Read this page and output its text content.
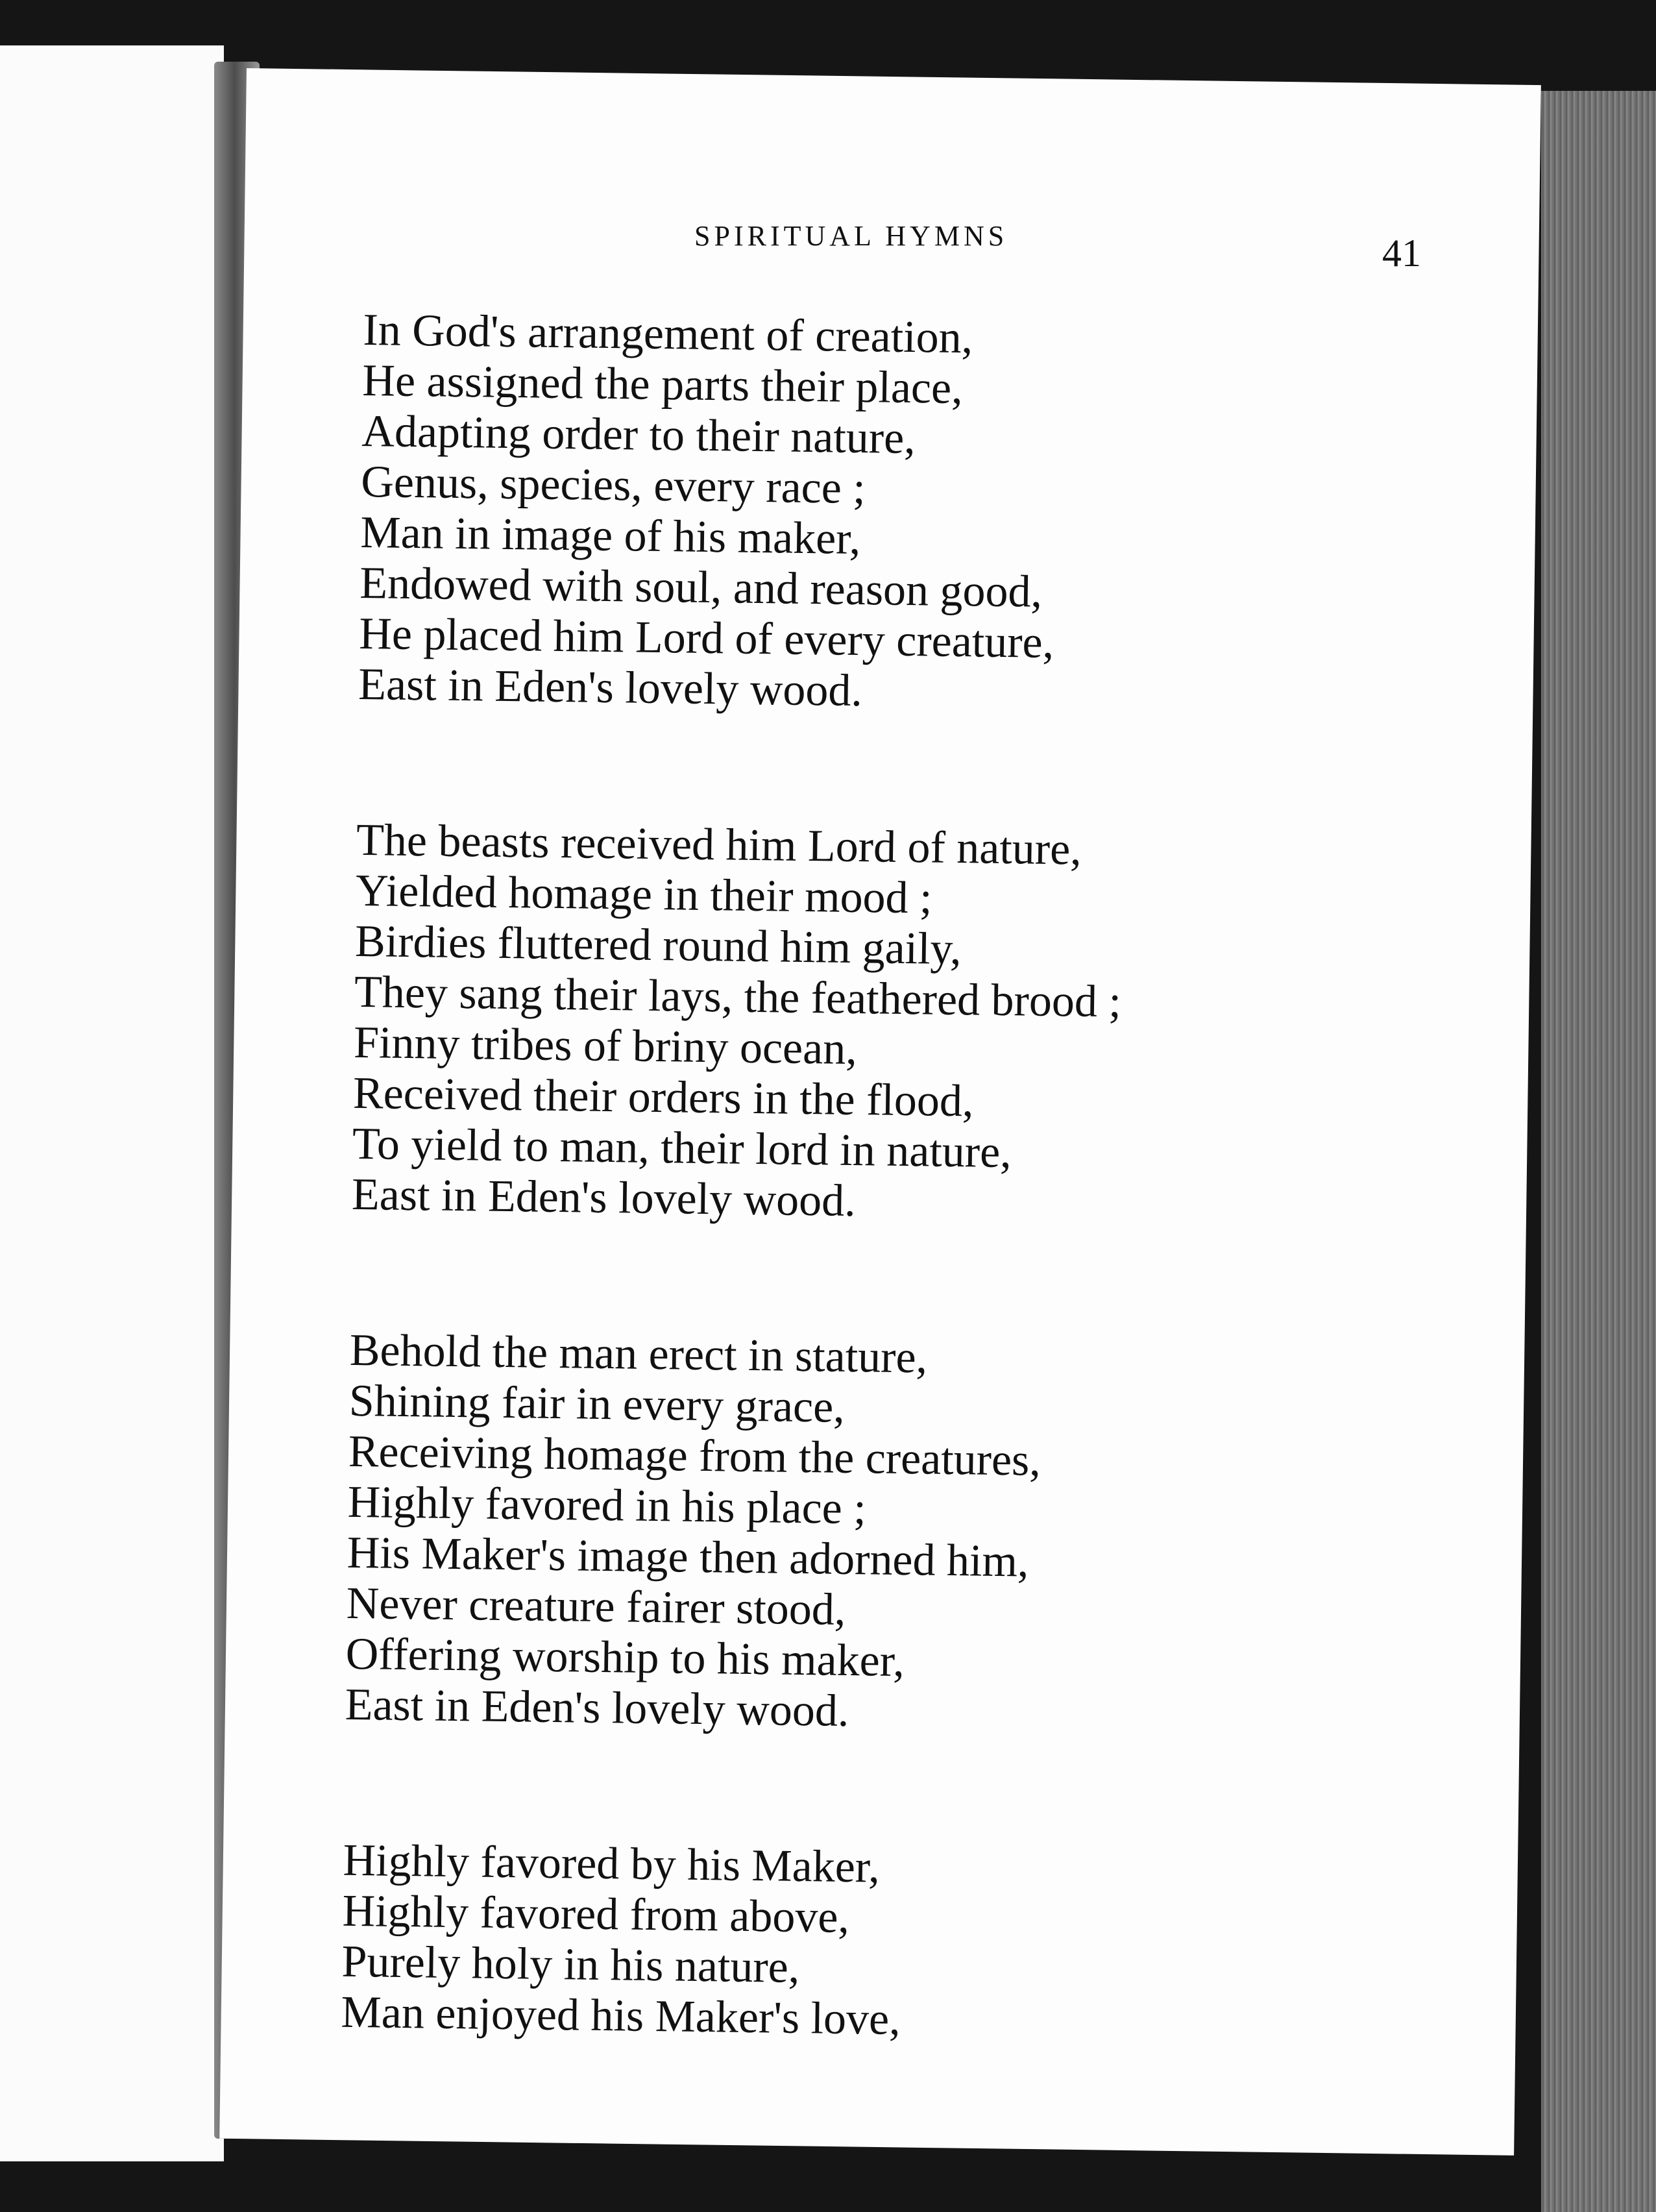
SPIRITUAL HYMNS	41
In God's arrangement of creation,
He assigned the parts their place,
Adapting order to their nature,
Genus, species, every race ;
Man in image of his maker,
Endowed with soul, and reason good,
He placed him Lord of every creature,
East in Eden's lovely wood.
The beasts received him Lord of nature,
Yielded homage in their mood ;
Birdies fluttered round him gaily,
They sang their lays, the feathered brood ;
Finny tribes of briny ocean,
Received their orders in the flood,
To yield to man, their lord in nature,
East in Eden's lovely wood.
Behold the man erect in stature,
Shining fair in every grace,
Receiving homage from the creatures,
Highly favored in his place ;
His Maker's image then adorned him,
Never creature fairer stood,
Offering worship to his maker,
East in Eden's lovely wood.
Highly favored by his Maker,
Highly favored from above,
Purely holy in his nature,
Man enjoyed his Maker's love,
